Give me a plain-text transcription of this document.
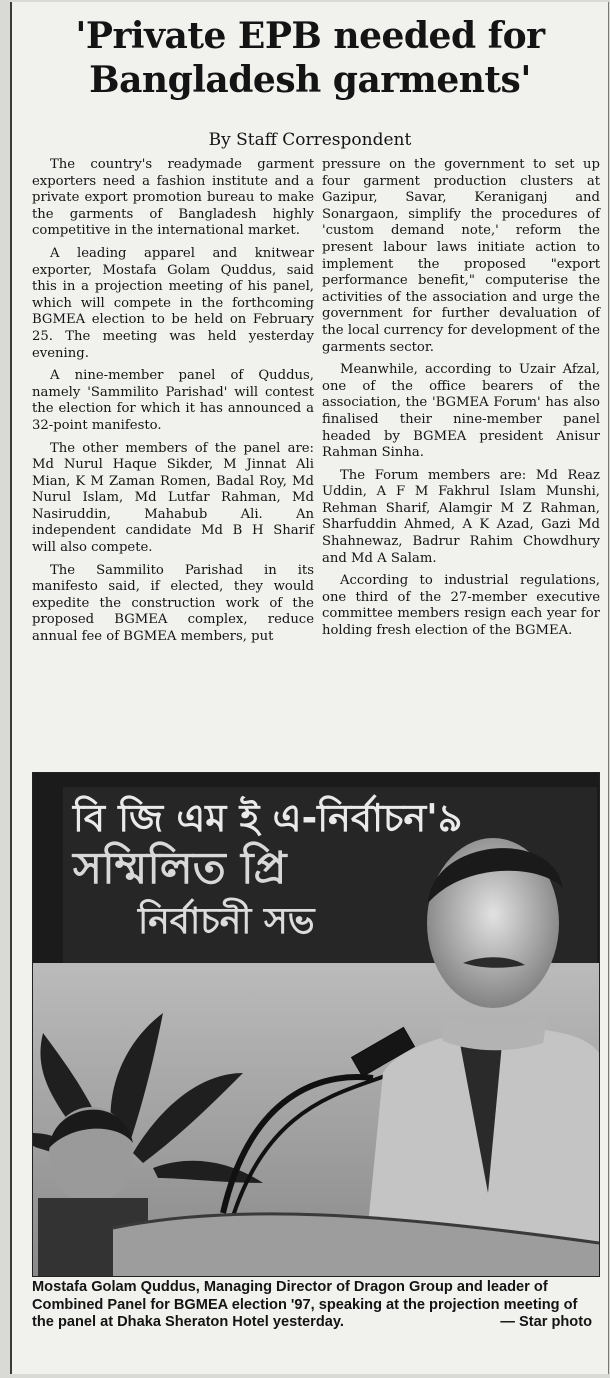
'Private EPB needed for Bangladesh garments'

By Staff Correspondent

The country's readymade garment exporters need a fashion institute and a private export promotion bureau to make the garments of Bangladesh highly competitive in the international market.

A leading apparel and knitwear exporter, Mostafa Golam Quddus, said this in a projection meeting of his panel, which will compete in the forthcoming BGMEA election to be held on February 25. The meeting was held yesterday evening.

A nine-member panel of Quddus, namely 'Sammilito Parishad' will contest the election for which it has announced a 32-point manifesto.

The other members of the panel are: Md Nurul Haque Sikder, M Jinnat Ali Mian, K M Zaman Romen, Badal Roy, Md Nurul Islam, Md Lutfar Rahman, Md Nasiruddin, Mahabub Ali. An independent candidate Md B H Sharif will also compete.

The Sammilito Parishad in its manifesto said, if elected, they would expedite the construction work of the proposed BGMEA complex, reduce annual fee of BGMEA members, put

pressure on the government to set up four garment production clusters at Gazipur, Savar, Keraniganj and Sonargaon, simplify the procedures of 'custom demand note,' reform the present labour laws initiate action to implement the proposed "export performance benefit," computerise the activities of the association and urge the government for further devaluation of the local currency for development of the garments sector.

Meanwhile, according to Uzair Afzal, one of the office bearers of the association, the 'BGMEA Forum' has also finalised their nine-member panel headed by BGMEA president Anisur Rahman Sinha.

The Forum members are: Md Reaz Uddin, A F M Fakhrul Islam Munshi, Rehman Sharif, Alamgir M Z Rahman, Sharfuddin Ahmed, A K Azad, Gazi Md Shahnewaz, Badrur Rahim Chowdhury and Md A Salam.

According to industrial regulations, one third of the 27-member executive committee members resign each year for holding fresh election of the BGMEA.

বি জি এম ই এ-নির্বাচন'৯
সম্মিলিত প্রি
নির্বাচনী সভ

Mostafa Golam Quddus, Managing Director of Dragon Group and leader of Combined Panel for BGMEA election '97, speaking at the projection meeting of the panel at Dhaka Sheraton Hotel yesterday.	— Star photo
